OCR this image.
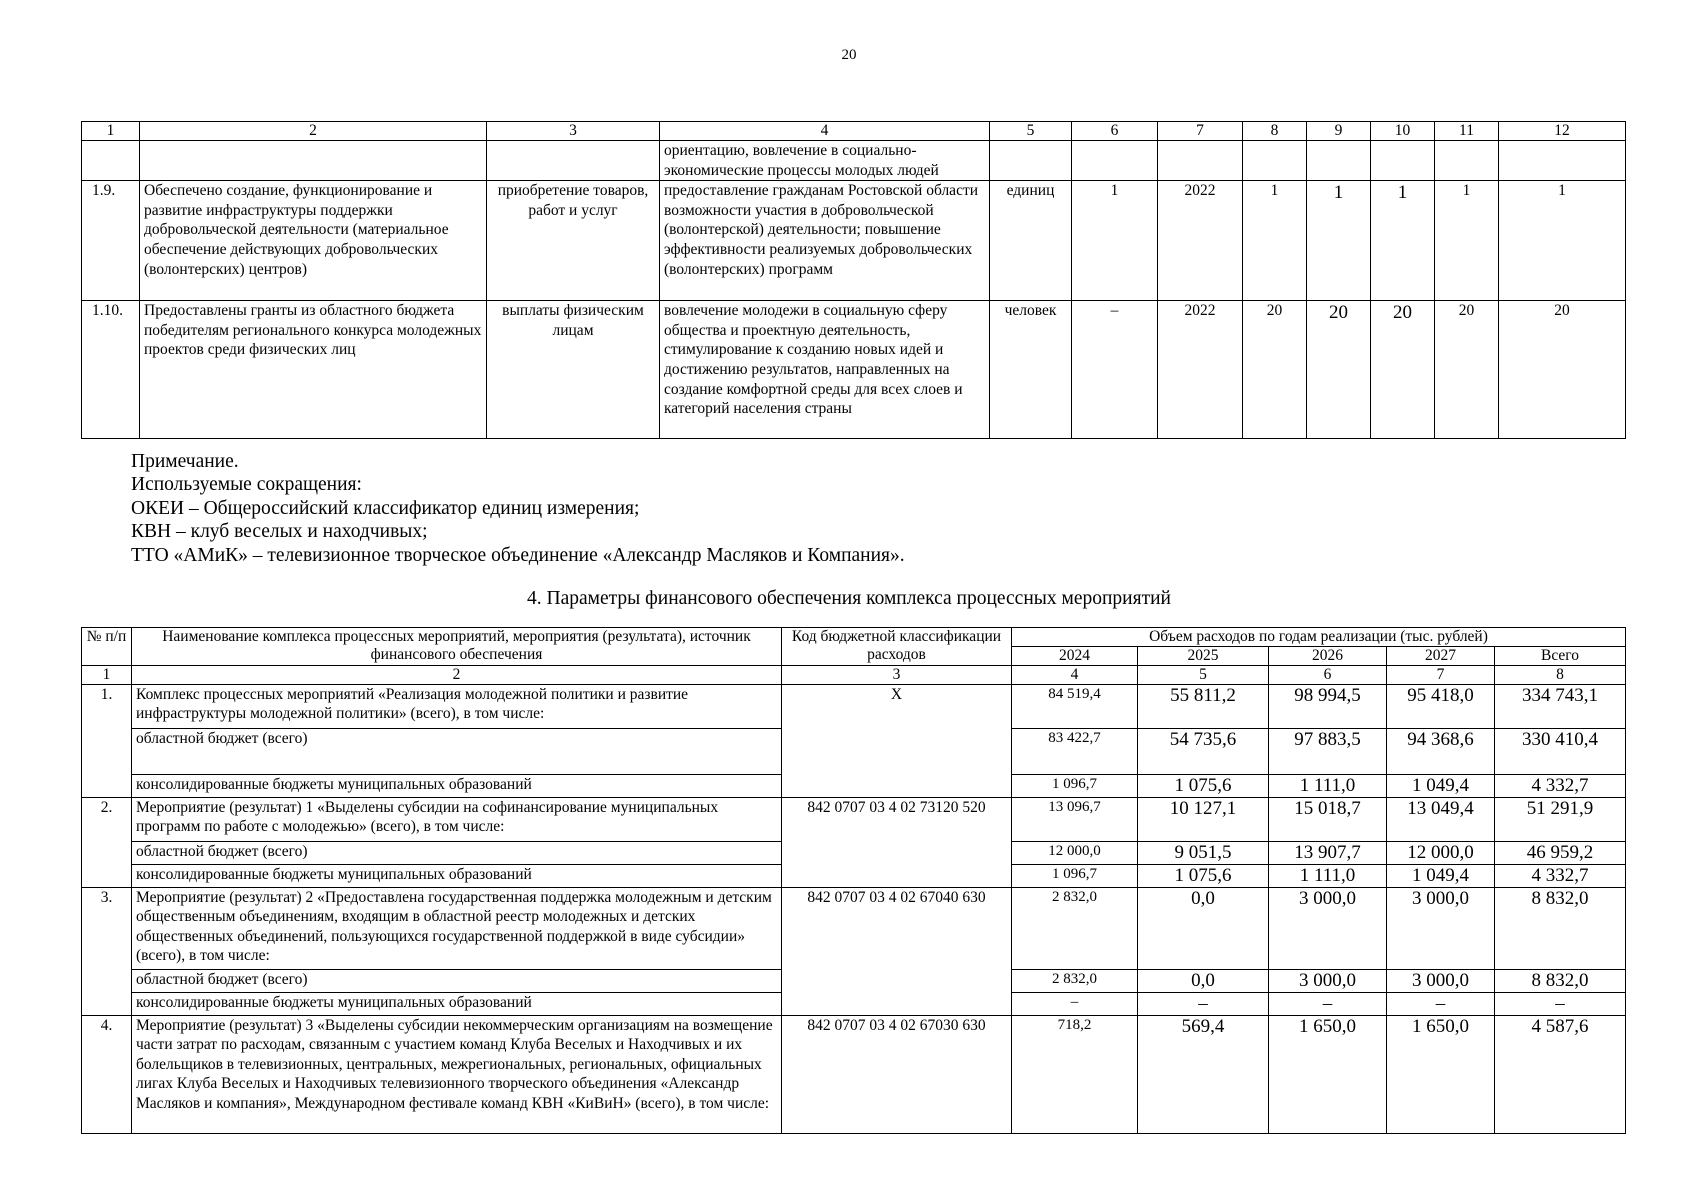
20
1	2	3	4	5	6	7	8	9	10	11	12
			ориентацию, вовлечение в социально-экономические процессы молодых людей								
1.9.	Обеспечено создание, функционирование и развитие инфраструктуры поддержки добровольческой деятельности (материальное обеспечение действующих добровольческих (волонтерских) центров)	приобретение товаров, работ и услуг	предоставление гражданам Ростовской области возможности участия в добровольческой (волонтерской) деятельности; повышение эффективности реализуемых добровольческих (волонтерских) программ	единиц	1	2022	1	1	1	1	1
1.10.	Предоставлены гранты из областного бюджета победителям регионального конкурса молодежных проектов среди физических лиц	выплаты физическим лицам	вовлечение молодежи в социальную сферу общества и проектную деятельность, стимулирование к созданию новых идей и достижению результатов, направленных на создание комфортной среды для всех слоев и категорий населения страны	человек	–	2022	20	20	20	20	20
Примечание.
Используемые сокращения:
ОКЕИ – Общероссийский классификатор единиц измерения;
КВН – клуб веселых и находчивых;
ТТО «АМиК» – телевизионное творческое объединение «Александр Масляков и Компания».
4. Параметры финансового обеспечения комплекса процессных мероприятий
№ п/п	Наименование комплекса процессных мероприятий, мероприятия (результата), источник финансового обеспечения	Код бюджетной классификации расходов	Объем расходов по годам реализации (тыс. рублей)				
			2024	2025	2026	2027	Всего
1	2	3	4	5	6	7	8
1.	Комплекс процессных мероприятий «Реализация молодежной политики и развитие инфраструктуры молодежной политики» (всего), в том числе:	Х	84 519,4	55 811,2	98 994,5	95 418,0	334 743,1
	областной бюджет (всего)		83 422,7	54 735,6	97 883,5	94 368,6	330 410,4
	консолидированные бюджеты муниципальных образований		1 096,7	1 075,6	1 111,0	1 049,4	4 332,7
2.	Мероприятие (результат) 1 «Выделены субсидии на софинансирование муниципальных программ по работе с молодежью» (всего), в том числе:	842 0707 03 4 02 73120 520	13 096,7	10 127,1	15 018,7	13 049,4	51 291,9
	областной бюджет (всего)		12 000,0	9 051,5	13 907,7	12 000,0	46 959,2
	консолидированные бюджеты муниципальных образований		1 096,7	1 075,6	1 111,0	1 049,4	4 332,7
3.	Мероприятие (результат) 2 «Предоставлена государственная поддержка молодежным и детским общественным объединениям, входящим в областной реестр молодежных и детских общественных объединений, пользующихся государственной поддержкой в виде субсидии» (всего), в том числе:	842 0707 03 4 02 67040 630	2 832,0	0,0	3 000,0	3 000,0	8 832,0
	областной бюджет (всего)		2 832,0	0,0	3 000,0	3 000,0	8 832,0
	консолидированные бюджеты муниципальных образований		–	–	–	–	–
4.	Мероприятие (результат) 3 «Выделены субсидии некоммерческим организациям на возмещение части затрат по расходам, связанным с участием команд Клуба Веселых и Находчивых и их болельщиков в телевизионных, центральных, межрегиональных, региональных, официальных лигах Клуба Веселых и Находчивых телевизионного творческого объединения «Александр Масляков и компания», Международном фестивале команд КВН «КиВиН» (всего), в том числе:	842 0707 03 4 02 67030 630	718,2	569,4	1 650,0	1 650,0	4 587,6
